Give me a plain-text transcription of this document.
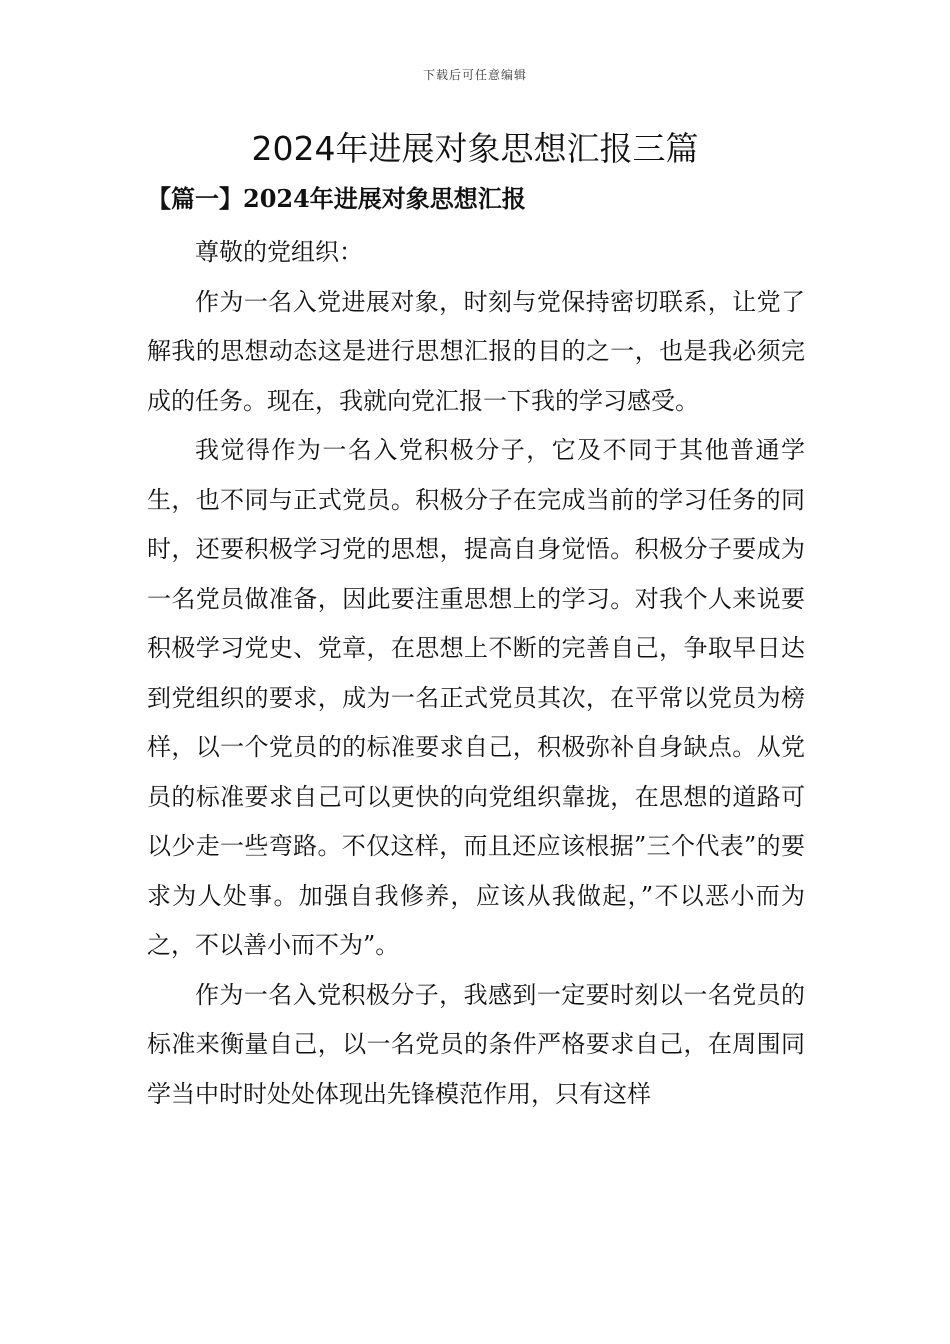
下载后可任意编辑
2024年进展对象思想汇报三篇
【篇一】2024年进展对象思想汇报

尊敬的党组织：

作为一名入党进展对象，时刻与党保持密切联系，让党了解我的思想动态这是进行思想汇报的目的之一，也是我必须完成的任务。现在，我就向党汇报一下我的学习感受。

我觉得作为一名入党积极分子，它及不同于其他普通学生，也不同与正式党员。积极分子在完成当前的学习任务的同时，还要积极学习党的思想，提高自身觉悟。积极分子要成为一名党员做准备，因此要注重思想上的学习。对我个人来说要积极学习党史、党章，在思想上不断的完善自己，争取早日达到党组织的要求，成为一名正式党员其次，在平常以党员为榜样，以一个党员的的标准要求自己，积极弥补自身缺点。从党员的标准要求自己可以更快的向党组织靠拢，在思想的道路可以少走一些弯路。不仅这样，而且还应该根据”三个代表”的要求为人处事。加强自我修养，应该从我做起，”不以恶小而为之，不以善小而不为”。

作为一名入党积极分子，我感到一定要时刻以一名党员的标准来衡量自己，以一名党员的条件严格要求自己，在周围同学当中时时处处体现出先锋模范作用，只有这样
